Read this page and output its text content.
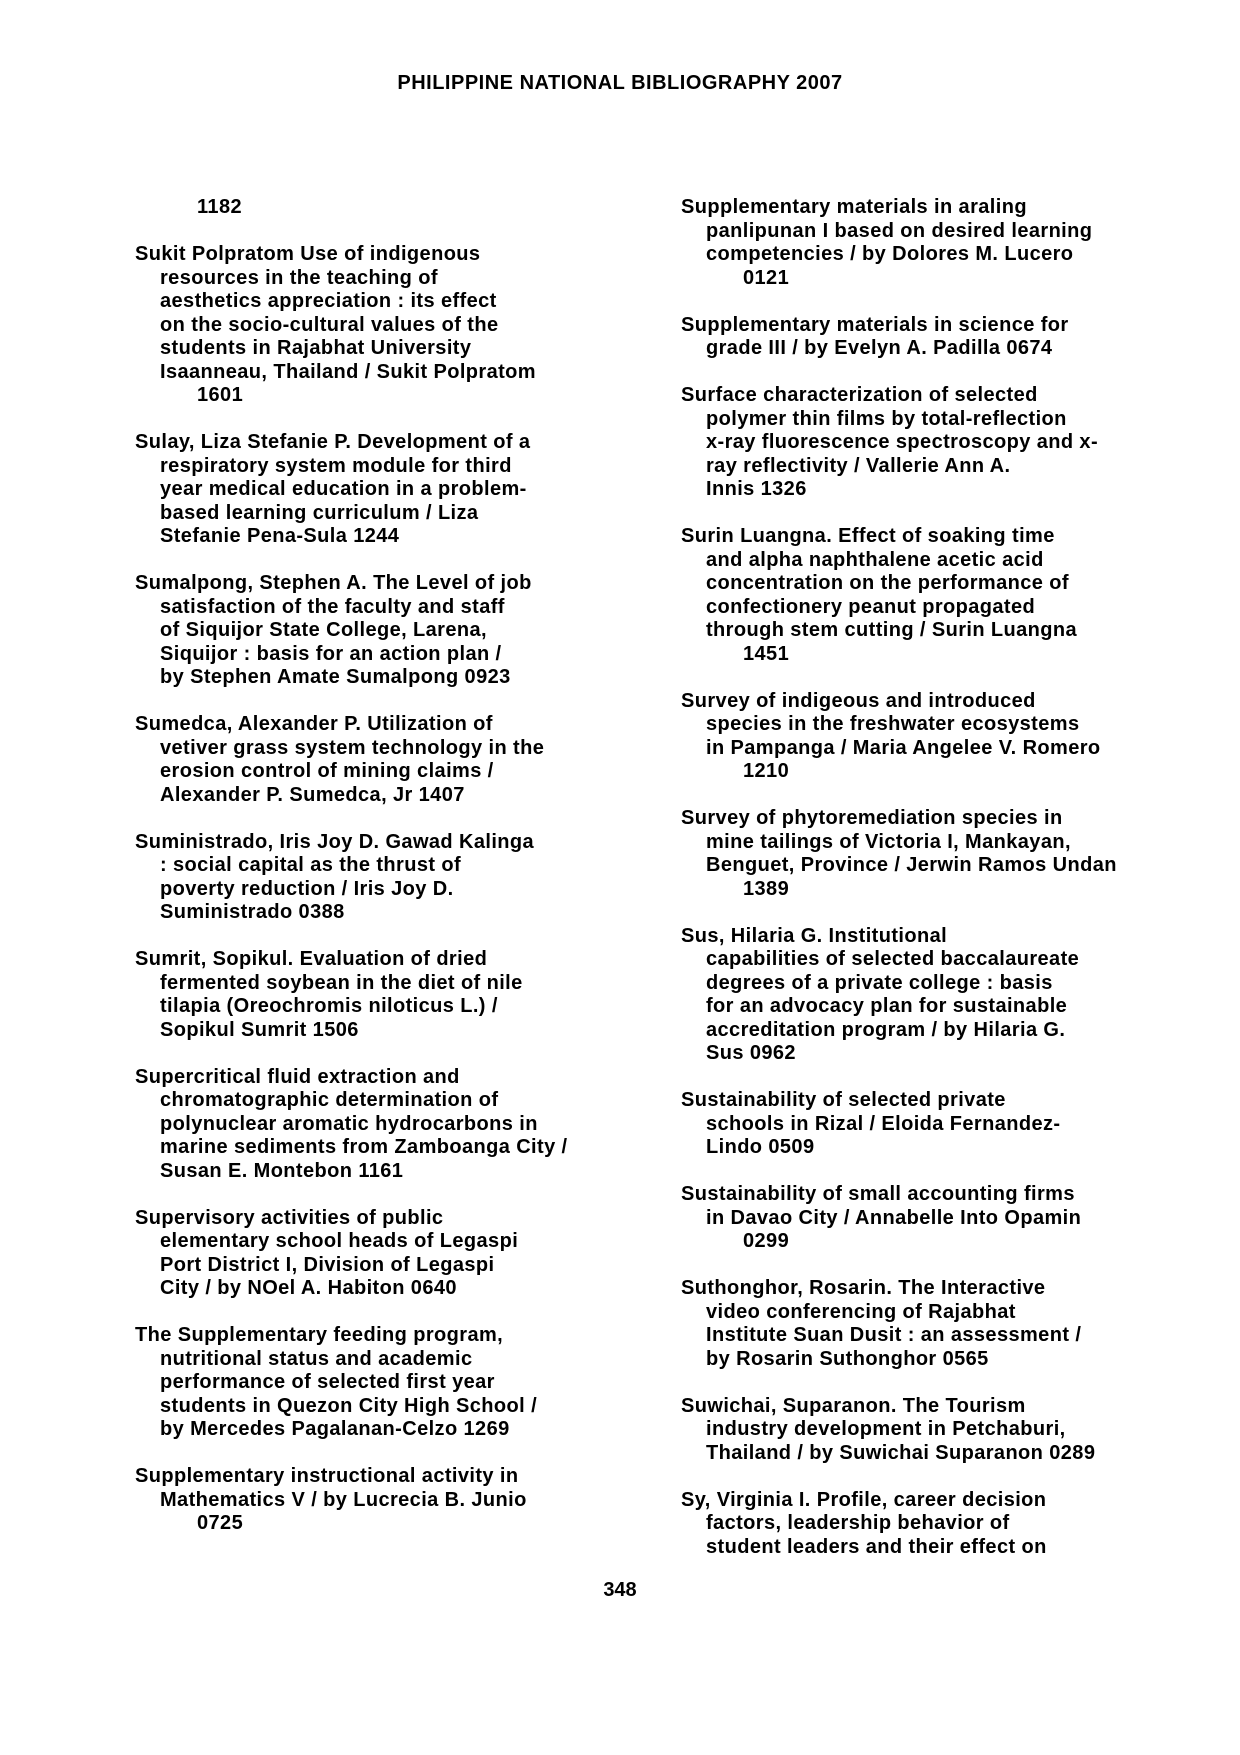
PHILIPPINE NATIONAL BIBLIOGRAPHY 2007
1182
Sukit Polpratom Use of indigenous
resources in the teaching of
aesthetics appreciation : its effect
on the socio-cultural values of the
students in Rajabhat University
Isaanneau, Thailand / Sukit Polpratom
1601
Sulay, Liza Stefanie P. Development of a
respiratory system module for third
year medical education in a problem-
based learning curriculum / Liza
Stefanie Pena-Sula 1244
Sumalpong, Stephen A. The Level of job
satisfaction of the faculty and staff
of Siquijor State College, Larena,
Siquijor : basis for an action plan /
by Stephen Amate Sumalpong 0923
Sumedca, Alexander P. Utilization of
vetiver grass system technology in the
erosion control of mining claims /
Alexander P. Sumedca, Jr 1407
Suministrado, Iris Joy D. Gawad Kalinga
: social capital as the thrust of
poverty reduction / Iris Joy D.
Suministrado 0388
Sumrit, Sopikul. Evaluation of dried
fermented soybean in the diet of nile
tilapia (Oreochromis niloticus L.) /
Sopikul Sumrit 1506
Supercritical fluid extraction and
chromatographic determination of
polynuclear aromatic hydrocarbons in
marine sediments from Zamboanga City /
Susan E. Montebon 1161
Supervisory activities of public
elementary school heads of Legaspi
Port District I, Division of Legaspi
City / by NOel A. Habiton 0640
The Supplementary feeding program,
nutritional status and academic
performance of selected first year
students in Quezon City High School /
by Mercedes Pagalanan-Celzo 1269
Supplementary instructional activity in
Mathematics V / by Lucrecia B. Junio
0725
Supplementary materials in araling
panlipunan I based on desired learning
competencies / by Dolores M. Lucero
0121
Supplementary materials in science for
grade III / by Evelyn A. Padilla 0674
Surface characterization of selected
polymer thin films by total-reflection
x-ray fluorescence spectroscopy and x-
ray reflectivity / Vallerie Ann A.
Innis 1326
Surin Luangna. Effect of soaking time
and alpha naphthalene acetic acid
concentration on the performance of
confectionery peanut propagated
through stem cutting / Surin Luangna
1451
Survey of indigeous and introduced
species in the freshwater ecosystems
in Pampanga / Maria Angelee V. Romero
1210
Survey of phytoremediation species in
mine tailings of Victoria I, Mankayan,
Benguet, Province / Jerwin Ramos Undan
1389
Sus, Hilaria G. Institutional
capabilities of selected baccalaureate
degrees of a private college : basis
for an advocacy plan for sustainable
accreditation program / by Hilaria G.
Sus 0962
Sustainability of selected private
schools in Rizal / Eloida Fernandez-
Lindo 0509
Sustainability of small accounting firms
in Davao City / Annabelle Into Opamin
0299
Suthonghor, Rosarin. The Interactive
video conferencing of Rajabhat
Institute Suan Dusit : an assessment /
by Rosarin Suthonghor 0565
Suwichai, Suparanon. The Tourism
industry development in Petchaburi,
Thailand / by Suwichai Suparanon 0289
Sy, Virginia I. Profile, career decision
factors, leadership behavior of
student leaders and their effect on
348
